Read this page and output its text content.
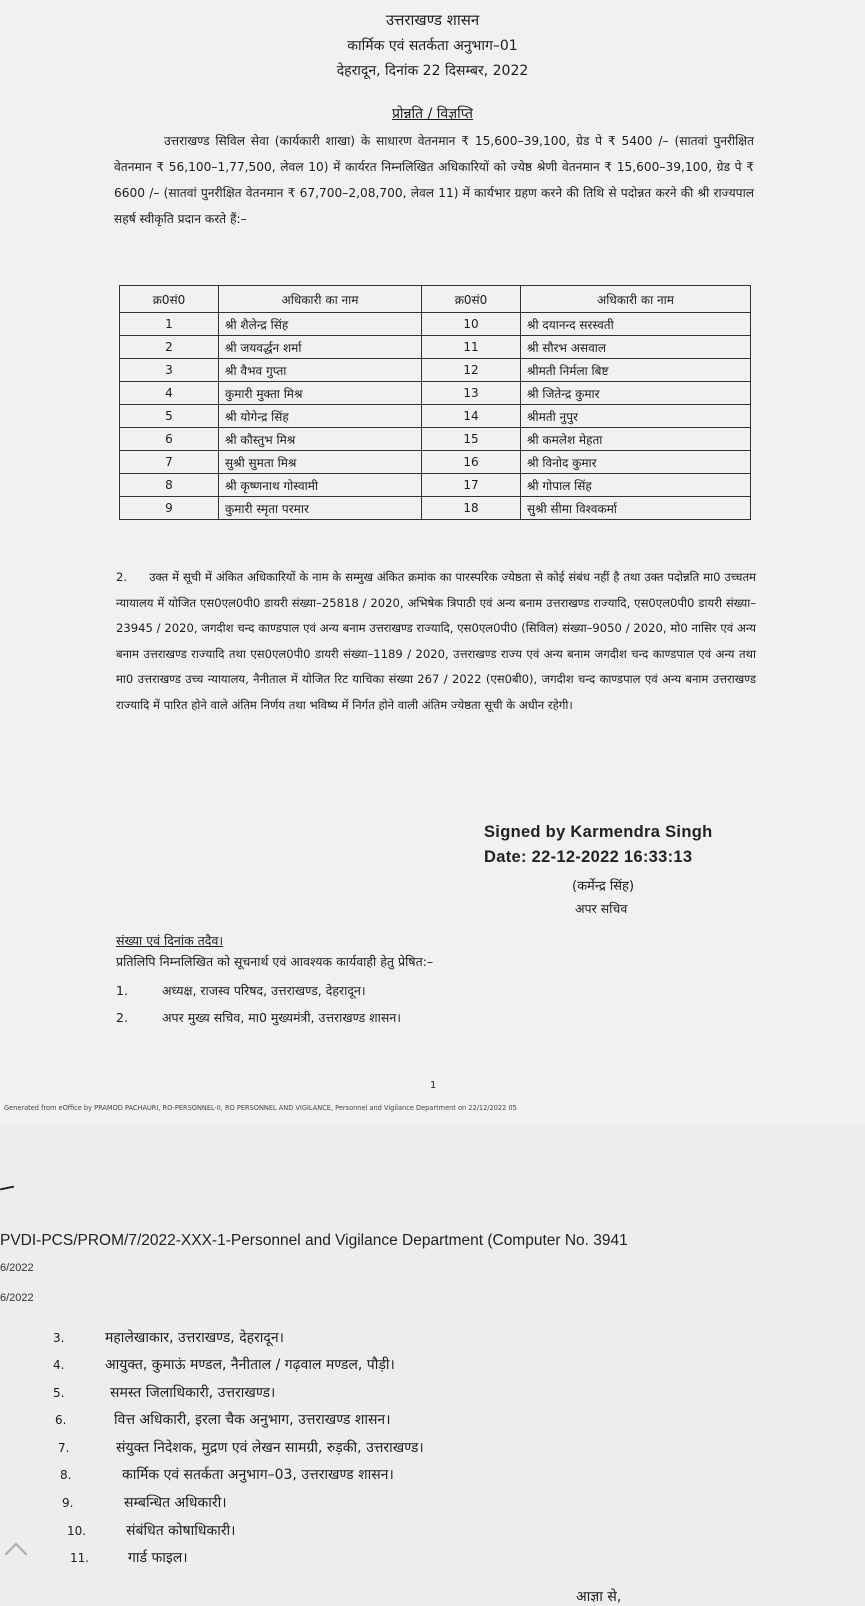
उत्तराखण्ड शासन
कार्मिक एवं सतर्कता अनुभाग–01
देहरादून, दिनांक 22 दिसम्बर, 2022
प्रोन्नति / विज्ञप्ति
उत्तराखण्ड सिविल सेवा (कार्यकारी शाखा) के साधारण वेतनमान ₹ 15,600–39,100, ग्रेड पे ₹ 5400 /– (सातवां पुनरीक्षित वेतनमान ₹ 56,100–1,77,500, लेवल 10) में कार्यरत निम्नलिखित अधिकारियों को ज्येष्ठ श्रेणी वेतनमान ₹ 15,600–39,100, ग्रेड पे ₹ 6600 /– (सातवां पुनरीक्षित वेतनमान ₹ 67,700–2,08,700, लेवल 11) में कार्यभार ग्रहण करने की तिथि से पदोन्नत करने की श्री राज्यपाल सहर्ष स्वीकृति प्रदान करते हैं:–
क्र0सं0	अधिकारी का नाम	क्र0सं0	अधिकारी का नाम
1	श्री शैलेन्द्र सिंह	10	श्री दयानन्द सरस्वती
2	श्री जयवर्द्धन शर्मा	11	श्री सौरभ असवाल
3	श्री वैभव गुप्ता	12	श्रीमती निर्मला बिष्ट
4	कुमारी मुक्ता मिश्र	13	श्री जितेन्द्र कुमार
5	श्री योगेन्द्र सिंह	14	श्रीमती नुपुर
6	श्री कौस्तुभ मिश्र	15	श्री कमलेश मेहता
7	सुश्री सुमता मिश्र	16	श्री विनोद कुमार
8	श्री कृष्णनाथ गोस्वामी	17	श्री गोपाल सिंह
9	कुमारी स्मृता परमार	18	सुश्री सीमा विश्वकर्मा
2. उक्त में सूची में अंकित अधिकारियों के नाम के सम्मुख अंकित क्रमांक का पारस्परिक ज्येष्ठता से कोई संबंध नहीं है तथा उक्त पदोन्नति मा0 उच्चतम न्यायालय में योजित एस0एल0पी0 डायरी संख्या–25818 / 2020, अभिषेक त्रिपाठी एवं अन्य बनाम उत्तराखण्ड राज्यादि, एस0एल0पी0 डायरी संख्या–23945 / 2020, जगदीश चन्द काण्डपाल एवं अन्य बनाम उत्तराखण्ड राज्यादि, एस0एल0पी0 (सिविल) संख्या–9050 / 2020, मो0 नासिर एवं अन्य बनाम उत्तराखण्ड राज्यादि तथा एस0एल0पी0 डायरी संख्या–1189 / 2020, उत्तराखण्ड राज्य एवं अन्य बनाम जगदीश चन्द काण्डपाल एवं अन्य तथा मा0 उत्तराखण्ड उच्च न्यायालय, नैनीताल में योजित रिट याचिका संख्या 267 / 2022 (एस0बी0), जगदीश चन्द काण्डपाल एवं अन्य बनाम उत्तराखण्ड राज्यादि में पारित होने वाले अंतिम निर्णय तथा भविष्य में निर्गत होने वाली अंतिम ज्येष्ठता सूची के अधीन रहेगी।
Signed by Karmendra Singh
Date: 22-12-2022 16:33:13
(कर्मेन्द्र सिंह)
अपर सचिव
संख्या एवं दिनांक तदैव।
प्रतिलिपि निम्नलिखित को सूचनार्थ एवं आवश्यक कार्यवाही हेतु प्रेषित:–
1.	अध्यक्ष, राजस्व परिषद, उत्तराखण्ड, देहरादून।
2.	अपर मुख्य सचिव, मा0 मुख्यमंत्री, उत्तराखण्ड शासन।
1
Generated from eOffice by PRAMOD PACHAURI, RO-PERSONNEL-II, RO PERSONNEL AND VIGILANCE, Personnel and Vigilance Department on 22/12/2022 05
PVDI-PCS/PROM/7/2022-XXX-1-Personnel and Vigilance Department (Computer No. 3941
6/2022
6/2022
3.	महालेखाकार, उत्तराखण्ड, देहरादून।
4.	आयुक्त, कुमाऊं मण्डल, नैनीताल / गढ़वाल मण्डल, पौड़ी।
5.	समस्त जिलाधिकारी, उत्तराखण्ड।
6.	वित्त अधिकारी, इरला चैक अनुभाग, उत्तराखण्ड शासन।
7.	संयुक्त निदेशक, मुद्रण एवं लेखन सामग्री, रुड़की, उत्तराखण्ड।
8.	कार्मिक एवं सतर्कता अनुभाग–03, उत्तराखण्ड शासन।
9.	सम्बन्धित अधिकारी।
10.	संबंधित कोषाधिकारी।
11.	गार्ड फाइल।
आज्ञा से,
